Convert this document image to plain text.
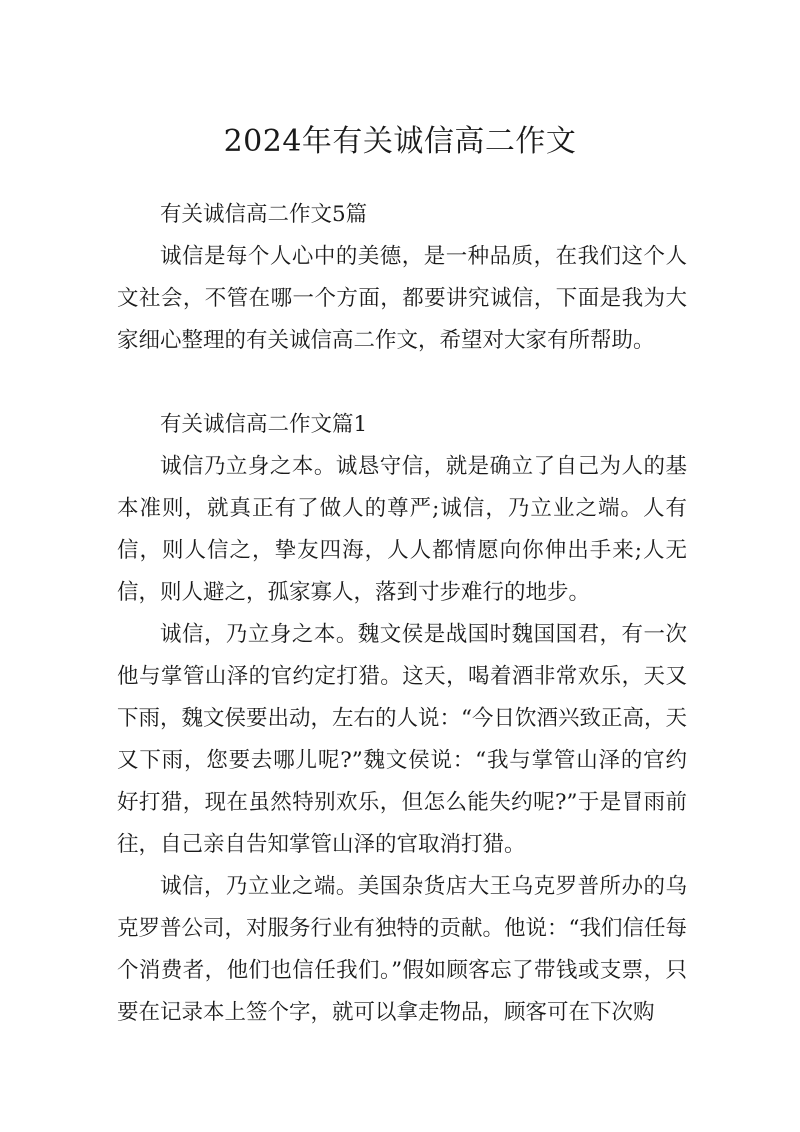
2024年有关诚信高二作文

有关诚信高二作文5篇

诚信是每个人心中的美德，是一种品质，在我们这个人文社会，不管在哪一个方面，都要讲究诚信，下面是我为大家细心整理的有关诚信高二作文，希望对大家有所帮助。

有关诚信高二作文篇1

诚信乃立身之本。诚恳守信，就是确立了自己为人的基本准则，就真正有了做人的尊严;诚信，乃立业之端。人有信，则人信之，挚友四海，人人都情愿向你伸出手来;人无信，则人避之，孤家寡人，落到寸步难行的地步。

诚信，乃立身之本。魏文侯是战国时魏国国君，有一次他与掌管山泽的官约定打猎。这天，喝着酒非常欢乐，天又下雨，魏文侯要出动，左右的人说：“今日饮酒兴致正高，天又下雨，您要去哪儿呢?”魏文侯说：“我与掌管山泽的官约好打猎，现在虽然特别欢乐，但怎么能失约呢?”于是冒雨前往，自己亲自告知掌管山泽的官取消打猎。

诚信，乃立业之端。美国杂货店大王乌克罗普所办的乌克罗普公司，对服务行业有独特的贡献。他说：“我们信任每个消费者，他们也信任我们。”假如顾客忘了带钱或支票，只要在记录本上签个字，就可以拿走物品，顾客可在下次购
